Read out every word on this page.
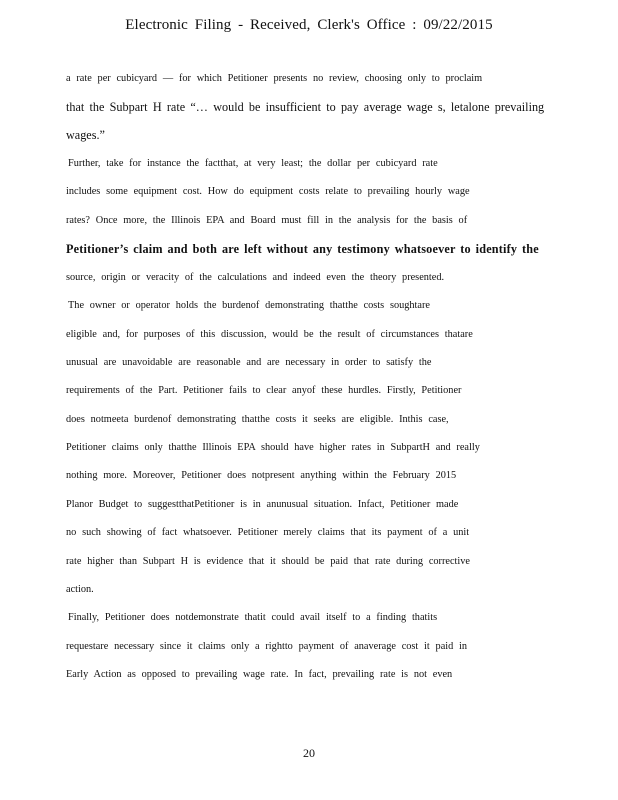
Electronic Filing - Received, Clerk's Office : 09/22/2015
a rate per cubicyard — for which Petitioner presents no review, choosing only to proclaim
that the Subpart H rate “… would be insufficient to pay average wage s, letalone prevailing
wages.”
Further, take for instance the factthat, at very least; the dollar per cubicyard rate
includes some equipment cost. How do equipment costs relate to prevailing hourly wage
rates? Once more, the Illinois EPA and Board must fill in the analysis for the basis of
Petitioner’s claim and both are left without any testimony whatsoever to identify the
source, origin or veracity of the calculations and indeed even the theory presented.
The owner or operator holds the burdenof demonstrating thatthe costs soughtare
eligible and, for purposes of this discussion, would be the result of circumstances thatare
unusual are unavoidable are reasonable and are necessary in order to satisfy the
requirements of the Part. Petitioner fails to clear anyof these hurdles. Firstly, Petitioner
does notmeeta burdenof demonstrating thatthe costs it seeks are eligible. Inthis case,
Petitioner claims only thatthe Illinois EPA should have higher rates in SubpartH and really
nothing more. Moreover, Petitioner does notpresent anything within the February 2015
Planor Budget to suggestthatPetitioner is in anunusual situation. Infact, Petitioner made
no such showing of fact whatsoever. Petitioner merely claims that its payment of a unit
rate higher than Subpart H is evidence that it should be paid that rate during corrective
action.
Finally, Petitioner does notdemonstrate thatit could avail itself to a finding thatits
requestare necessary since it claims only a rightto payment of anaverage cost it paid in
Early Action as opposed to prevailing wage rate. In fact, prevailing rate is not even
20
